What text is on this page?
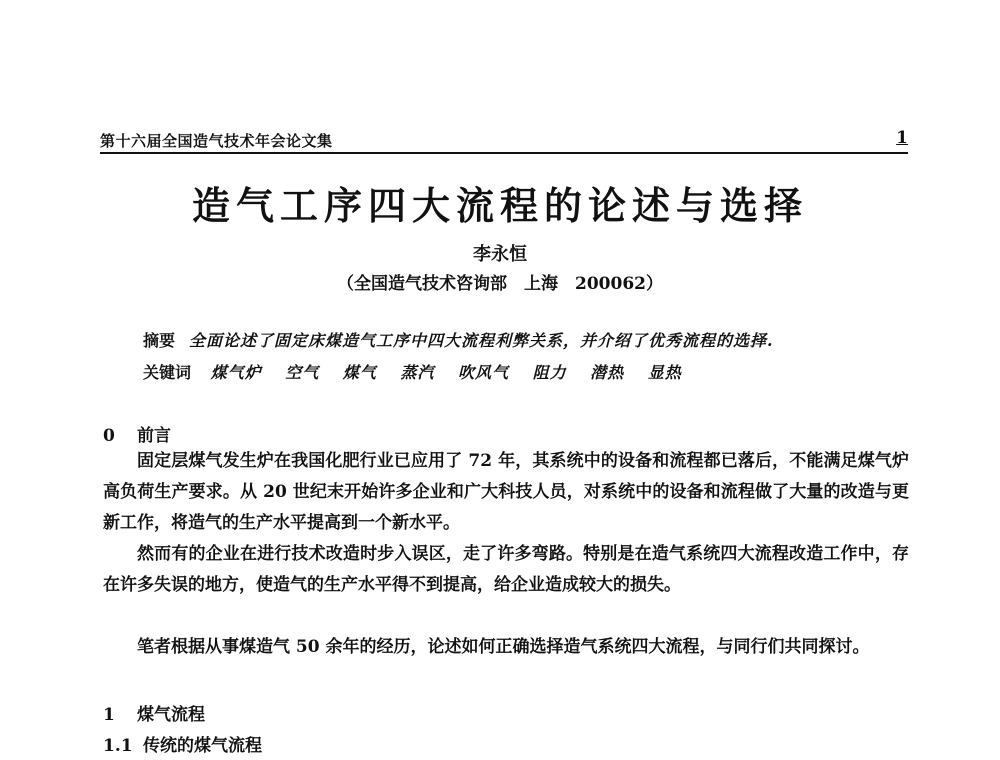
第十六届全国造气技术年会论文集	1
造气工序四大流程的论述与选择
李永恒
（全国造气技术咨询部　上海　200062）
摘要 全面论述了固定床煤造气工序中四大流程利弊关系，并介绍了优秀流程的选择.
关键词 煤气炉 空气 煤气 蒸汽 吹风气 阻力 潜热 显热
0 前言

固定层煤气发生炉在我国化肥行业已应用了 72 年，其系统中的设备和流程都已落后，不能满足煤气炉高负荷生产要求。从 20 世纪末开始许多企业和广大科技人员，对系统中的设备和流程做了大量的改造与更新工作，将造气的生产水平提高到一个新水平。

然而有的企业在进行技术改造时步入误区，走了许多弯路。特别是在造气系统四大流程改造工作中，存在许多失误的地方，使造气的生产水平得不到提高，给企业造成较大的损失。

笔者根据从事煤造气 50 余年的经历，论述如何正确选择造气系统四大流程，与同行们共同探讨。

1 煤气流程
1.1 传统的煤气流程
